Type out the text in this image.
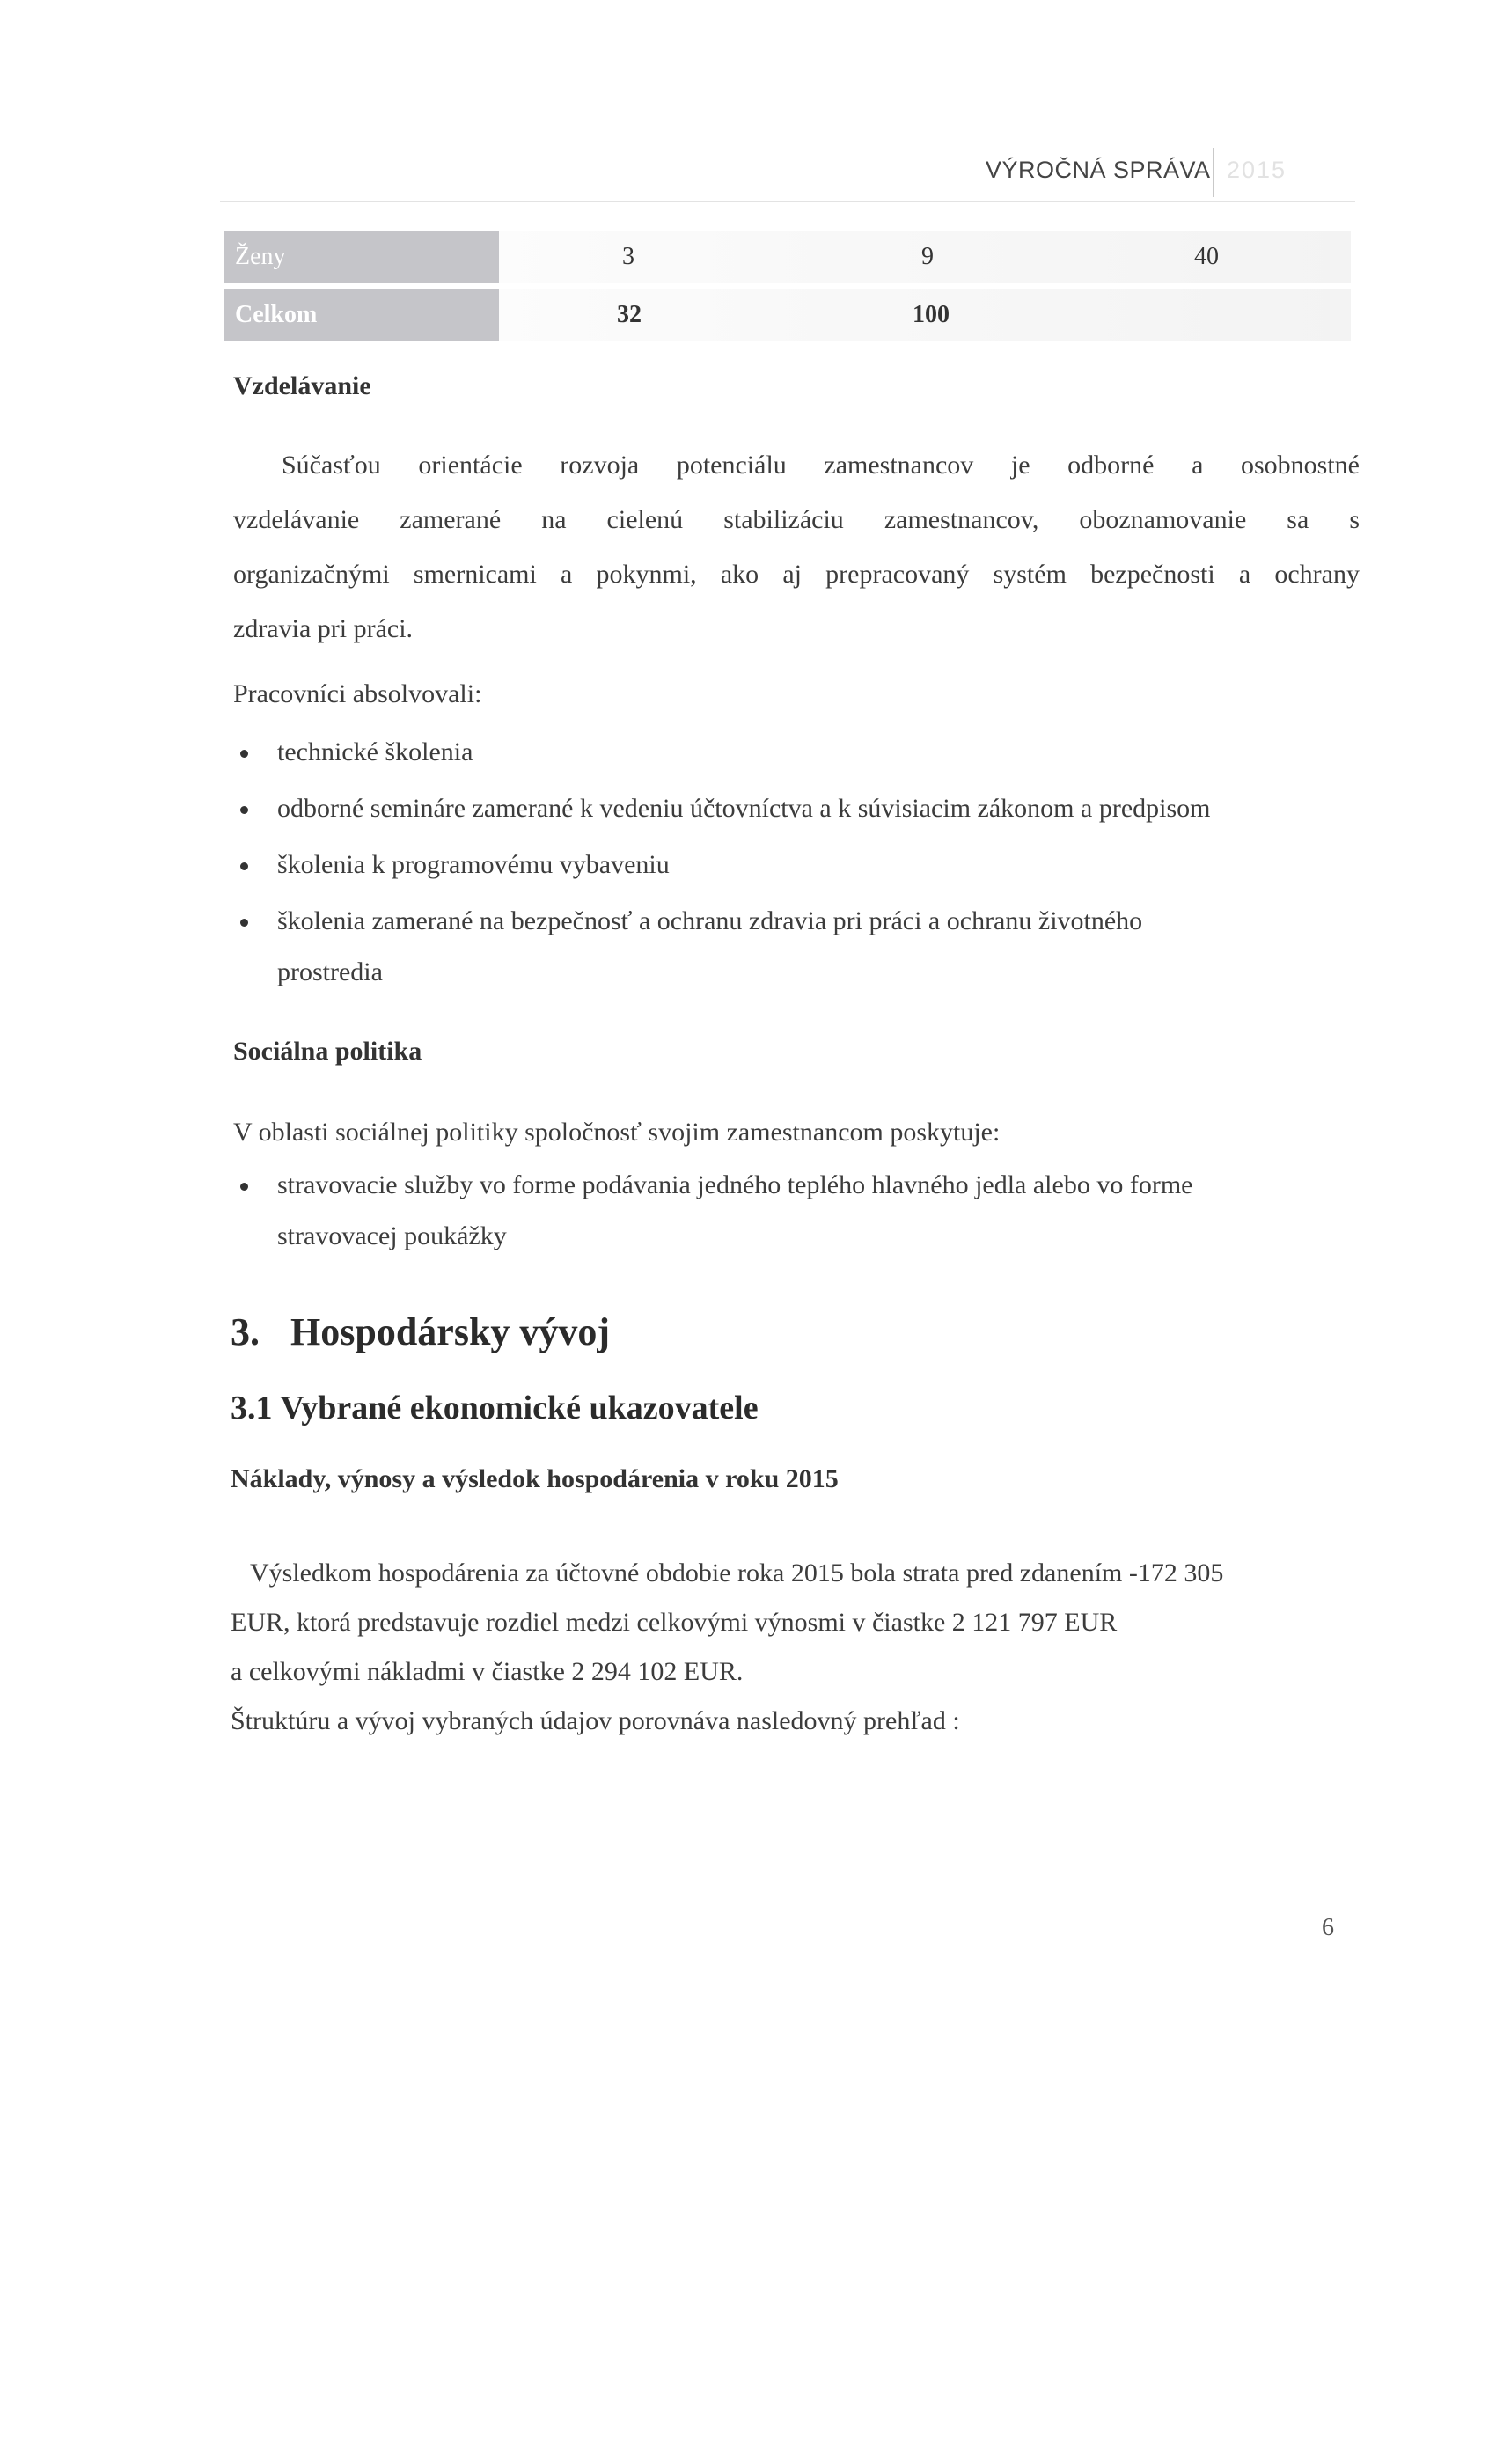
VÝROČNÁ SPRÁVA 2015
Ženy	3	9	40
Celkom	32	100
Vzdelávanie
Súčasťou orientácie rozvoja potenciálu zamestnancov je odborné a osobnostné
vzdelávanie zamerané na cielenú stabilizáciu zamestnancov, oboznamovanie sa s
organizačnými smernicami a pokynmi, ako aj prepracovaný systém bezpečnosti a ochrany
zdravia pri práci.
Pracovníci absolvovali:
technické školenia
odborné semináre zamerané k vedeniu účtovníctva a k súvisiacim zákonom a predpisom
školenia k programovému vybaveniu
školenia zamerané na bezpečnosť a ochranu zdravia pri práci a ochranu životného
prostredia
Sociálna politika
V oblasti sociálnej politiky spoločnosť svojim zamestnancom poskytuje:
stravovacie služby vo forme podávania jedného teplého hlavného jedla alebo vo forme
stravovacej poukážky
3. Hospodársky vývoj
3.1 Vybrané ekonomické ukazovatele
Náklady, výnosy a výsledok hospodárenia v roku 2015
Výsledkom hospodárenia za účtovné obdobie roka 2015 bola strata pred zdanením -172 305
EUR, ktorá predstavuje rozdiel medzi celkovými výnosmi v čiastke 2 121 797 EUR
a celkovými nákladmi v čiastke 2 294 102 EUR.
Štruktúru a vývoj vybraných údajov porovnáva nasledovný prehľad :
6
